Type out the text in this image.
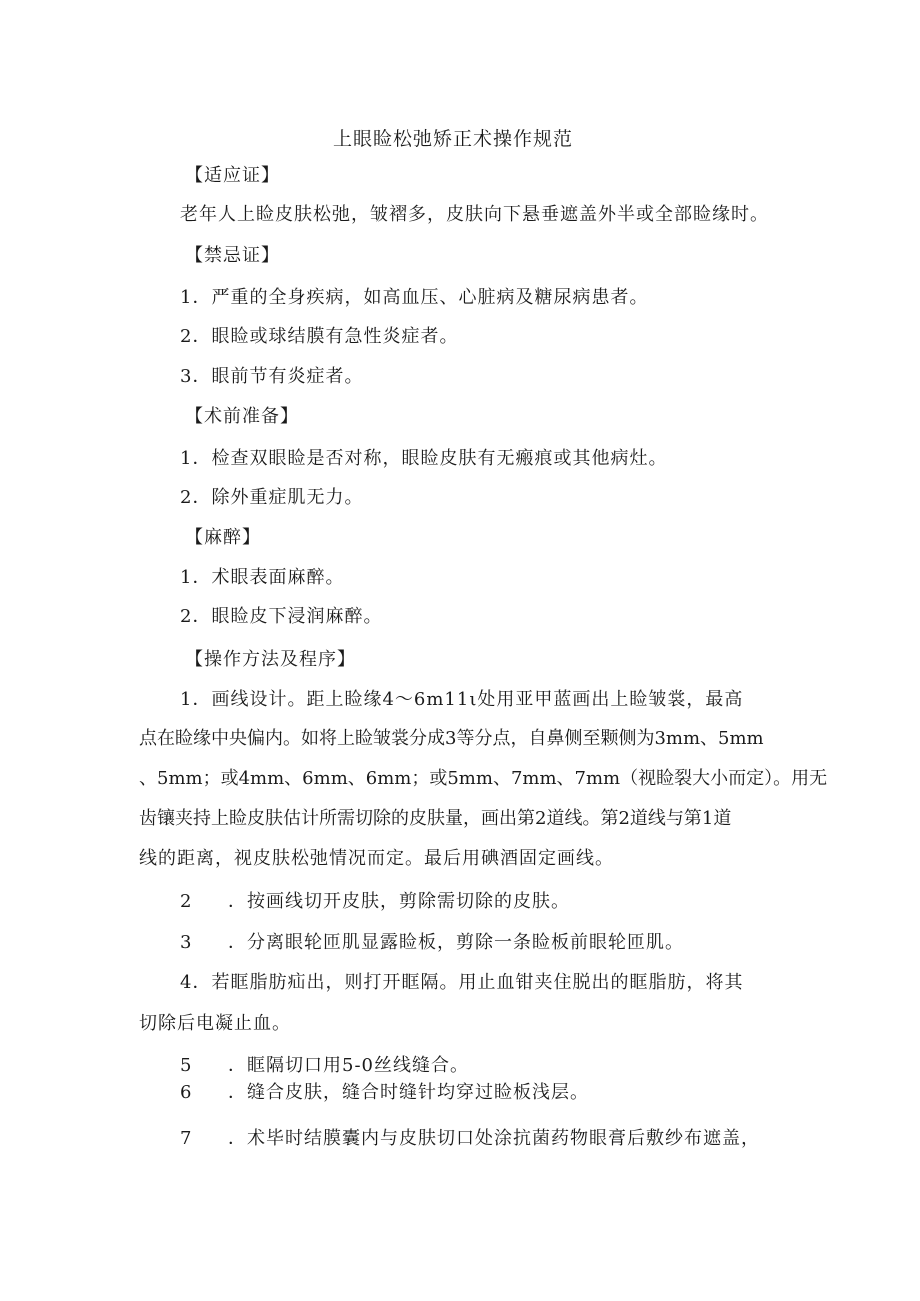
上眼睑松弛矫正术操作规范
【适应证】
老年人上睑皮肤松弛，皱褶多，皮肤向下悬垂遮盖外半或全部睑缘时。
【禁忌证】
1．严重的全身疾病，如高血压、心脏病及糖尿病患者。
2．眼睑或球结膜有急性炎症者。
3．眼前节有炎症者。
【术前准备】
1．检查双眼睑是否对称，眼睑皮肤有无瘢痕或其他病灶。
2．除外重症肌无力。
【麻醉】
1．术眼表面麻醉。
2．眼睑皮下浸润麻醉。
【操作方法及程序】
1．画线设计。距上睑缘4～6m11ι处用亚甲蓝画出上睑皱裳，最高
点在睑缘中央偏内。如将上睑皱裳分成3等分点，自鼻侧至颗侧为3mm、5mm
、5mm；或4mm、6mm、6mm；或5mm、7mm、7mm（视睑裂大小而定）。用无
齿镶夹持上睑皮肤估计所需切除的皮肤量，画出第2道线。第2道线与第1道
线的距离，视皮肤松弛情况而定。最后用碘酒固定画线。
2 ．按画线切开皮肤，剪除需切除的皮肤。
3 ．分离眼轮匝肌显露睑板，剪除一条睑板前眼轮匝肌。
4．若眶脂肪疝出，则打开眶隔。用止血钳夹住脱出的眶脂肪，将其
切除后电凝止血。
5 ．眶隔切口用5-0丝线缝合。
6 ．缝合皮肤，缝合时缝针均穿过睑板浅层。
7 ．术毕时结膜囊内与皮肤切口处涂抗菌药物眼膏后敷纱布遮盖，
